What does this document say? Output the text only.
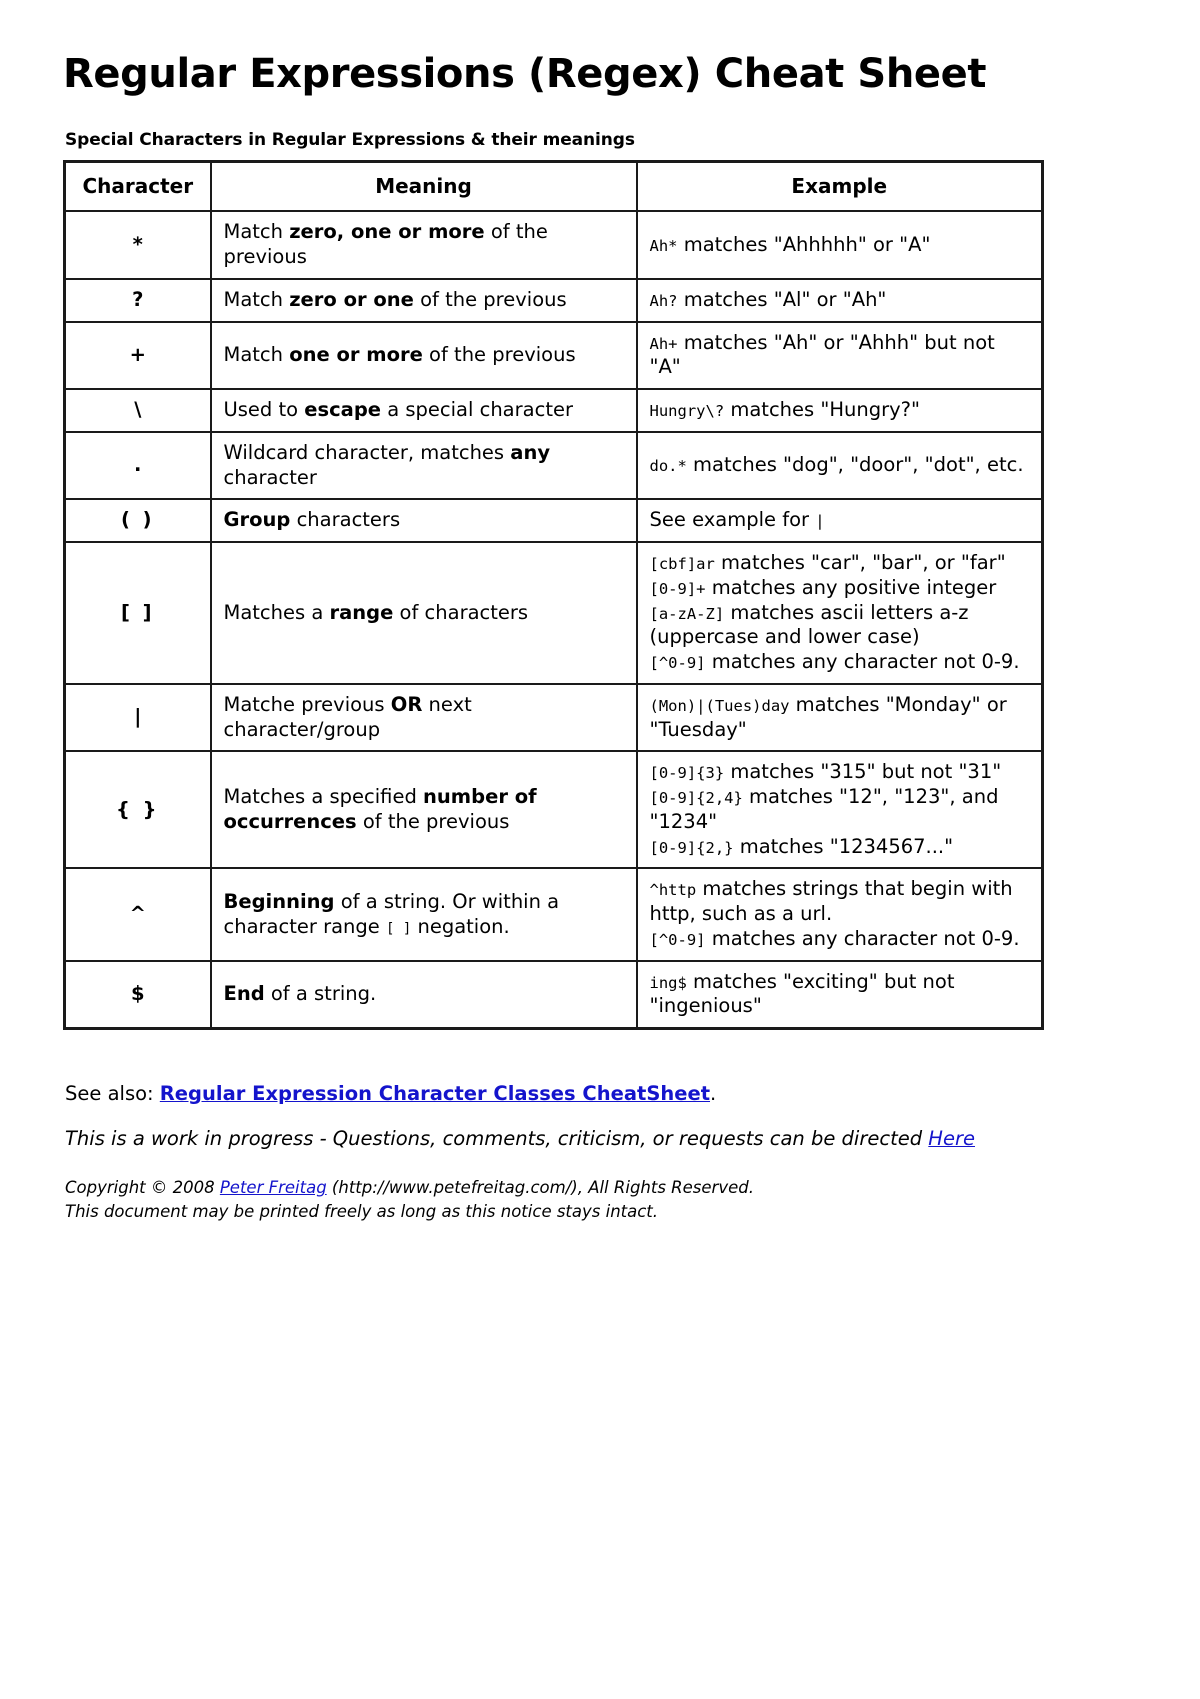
Regular Expressions (Regex) Cheat Sheet
Special Characters in Regular Expressions & their meanings
Character	Meaning	Example
*	Match zero, one or more of the previous	Ah* matches "Ahhhhh" or "A"

?	Match zero or one of the previous	Ah? matches "Al" or "Ah"

+	Match one or more of the previous	Ah+ matches "Ah" or "Ahhh" but not "A"

\	Used to escape a special character	Hungry\? matches "Hungry?"

.	Wildcard character, matches any character	do.* matches "dog", "door", "dot", etc.

( )	Group characters	See example for |

[ ]	Matches a range of characters	[cbf]ar matches "car", "bar", or "far"
[0-9]+ matches any positive integer
[a-zA-Z] matches ascii letters a-z (uppercase and lower case)
[^0-9] matches any character not 0-9.

|	Matche previous OR next character/group	(Mon)|(Tues)day matches "Monday" or "Tuesday"

{ }	Matches a specified number of occurrences of the previous	[0-9]{3} matches "315" but not "31"
[0-9]{2,4} matches "12", "123", and "1234"
[0-9]{2,} matches "1234567..."

^	Beginning of a string. Or within a character range [ ] negation.	^http matches strings that begin with http, such as a url.
[^0-9] matches any character not 0-9.

$	End of a string.	ing$ matches "exciting" but not "ingenious"
See also: Regular Expression Character Classes CheatSheet.
This is a work in progress - Questions, comments, criticism, or requests can be directed Here
Copyright © 2008 Peter Freitag (http://www.petefreitag.com/), All Rights Reserved.
This document may be printed freely as long as this notice stays intact.
